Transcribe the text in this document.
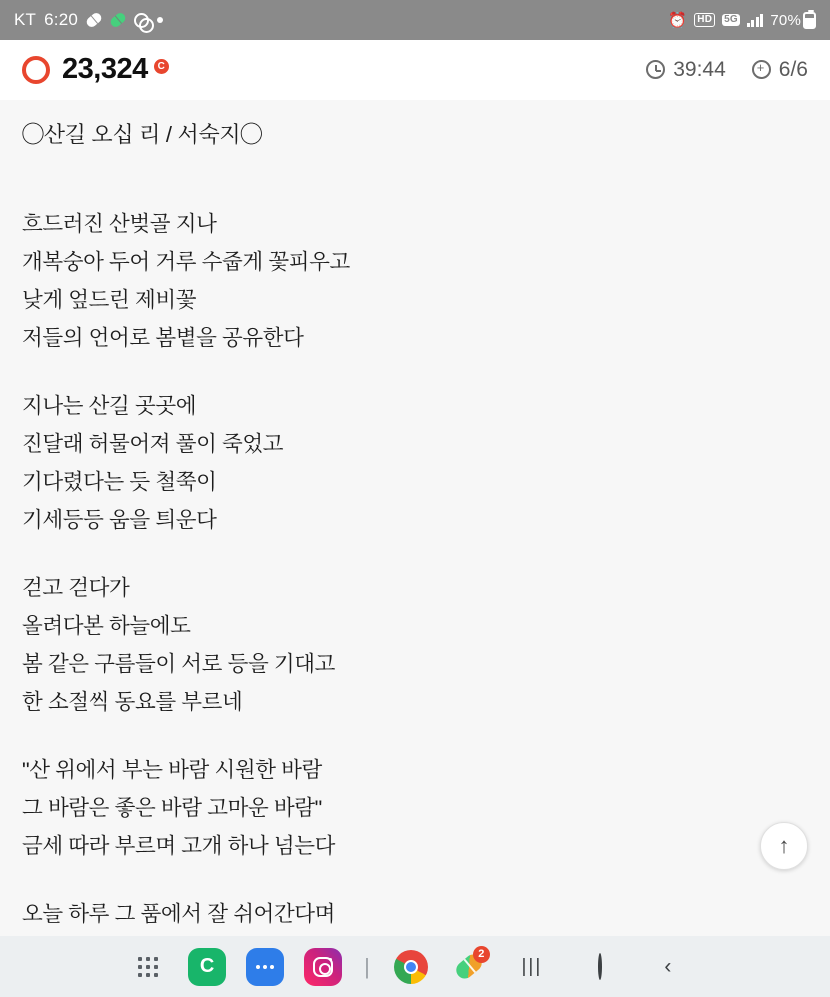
KT 6:20	⏰	HD	5G 70%
23,324 C	39:44 +	6/6
◯산길 오십 리 / 서숙지◯
흐드러진 산벚골 지나
개복숭아 두어 거루 수줍게 꽃피우고
낮게 엎드린 제비꽃
저들의 언어로 봄볕을 공유한다
지나는 산길 곳곳에
진달래 허물어져 풀이 죽었고
기다렸다는 듯 철쭉이
기세등등 움을 틔운다
걷고 걷다가
올려다본 하늘에도
봄 같은 구름들이 서로 등을 기대고
한 소절씩 동요를 부르네
"산 위에서 부는 바람 시원한 바람
그 바람은 좋은 바람 고마운 바람"
금세 따라 부르며 고개 하나 넘는다
오늘 하루 그 품에서 잘 쉬어간다며
↑
C	|	2
|||	‹
